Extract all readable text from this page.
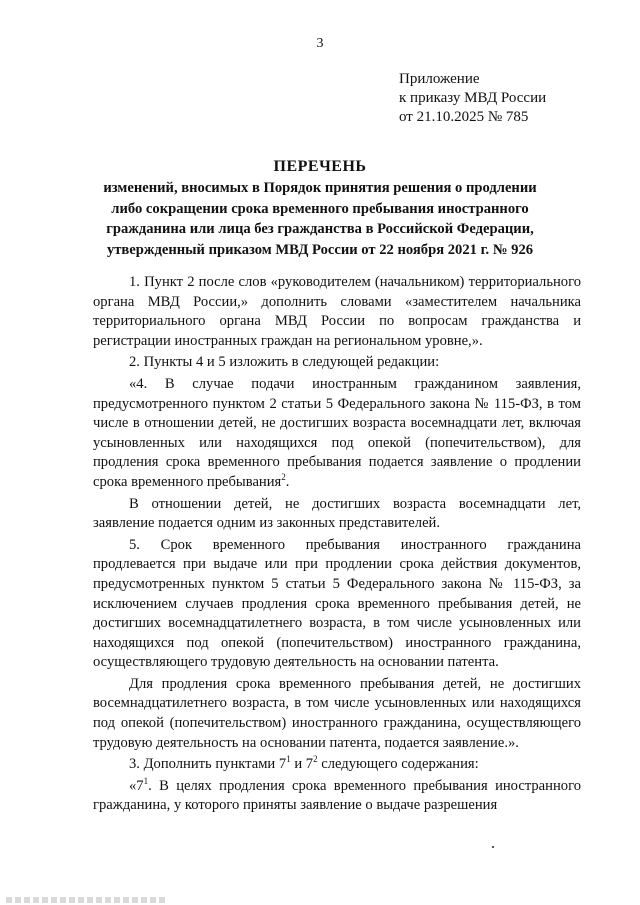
3
Приложение
к приказу МВД России
от 21.10.2025 № 785
ПЕРЕЧЕНЬ
изменений, вносимых в Порядок принятия решения о продлении
либо сокращении срока временного пребывания иностранного
гражданина или лица без гражданства в Российской Федерации,
утвержденный приказом МВД России от 22 ноября 2021 г. № 926

1. Пункт 2 после слов «руководителем (начальником) территориального органа МВД России,» дополнить словами «заместителем начальника территориального органа МВД России по вопросам гражданства и регистрации иностранных граждан на региональном уровне,».

2. Пункты 4 и 5 изложить в следующей редакции:

«4. В случае подачи иностранным гражданином заявления, предусмотренного пунктом 2 статьи 5 Федерального закона № 115-ФЗ, в том числе в отношении детей, не достигших возраста восемнадцати лет, включая усыновленных или находящихся под опекой (попечительством), для продления срока временного пребывания подается заявление о продлении срока временного пребывания$^2$.

В отношении детей, не достигших возраста восемнадцати лет, заявление подается одним из законных представителей.

5. Срок временного пребывания иностранного гражданина продлевается при выдаче или при продлении срока действия документов, предусмотренных пунктом 5 статьи 5 Федерального закона № 115-ФЗ, за исключением случаев продления срока временного пребывания детей, не достигших восемнадцатилетнего возраста, в том числе усыновленных или находящихся под опекой (попечительством) иностранного гражданина, осуществляющего трудовую деятельность на основании патента.

Для продления срока временного пребывания детей, не достигших восемнадцатилетнего возраста, в том числе усыновленных или находящихся под опекой (попечительством) иностранного гражданина, осуществляющего трудовую деятельность на основании патента, подается заявление.».

3. Дополнить пунктами $7^1$ и $7^2$ следующего содержания:

«$7^1$. В целях продления срока временного пребывания иностранного гражданина, у которого приняты заявление о выдаче разрешения
